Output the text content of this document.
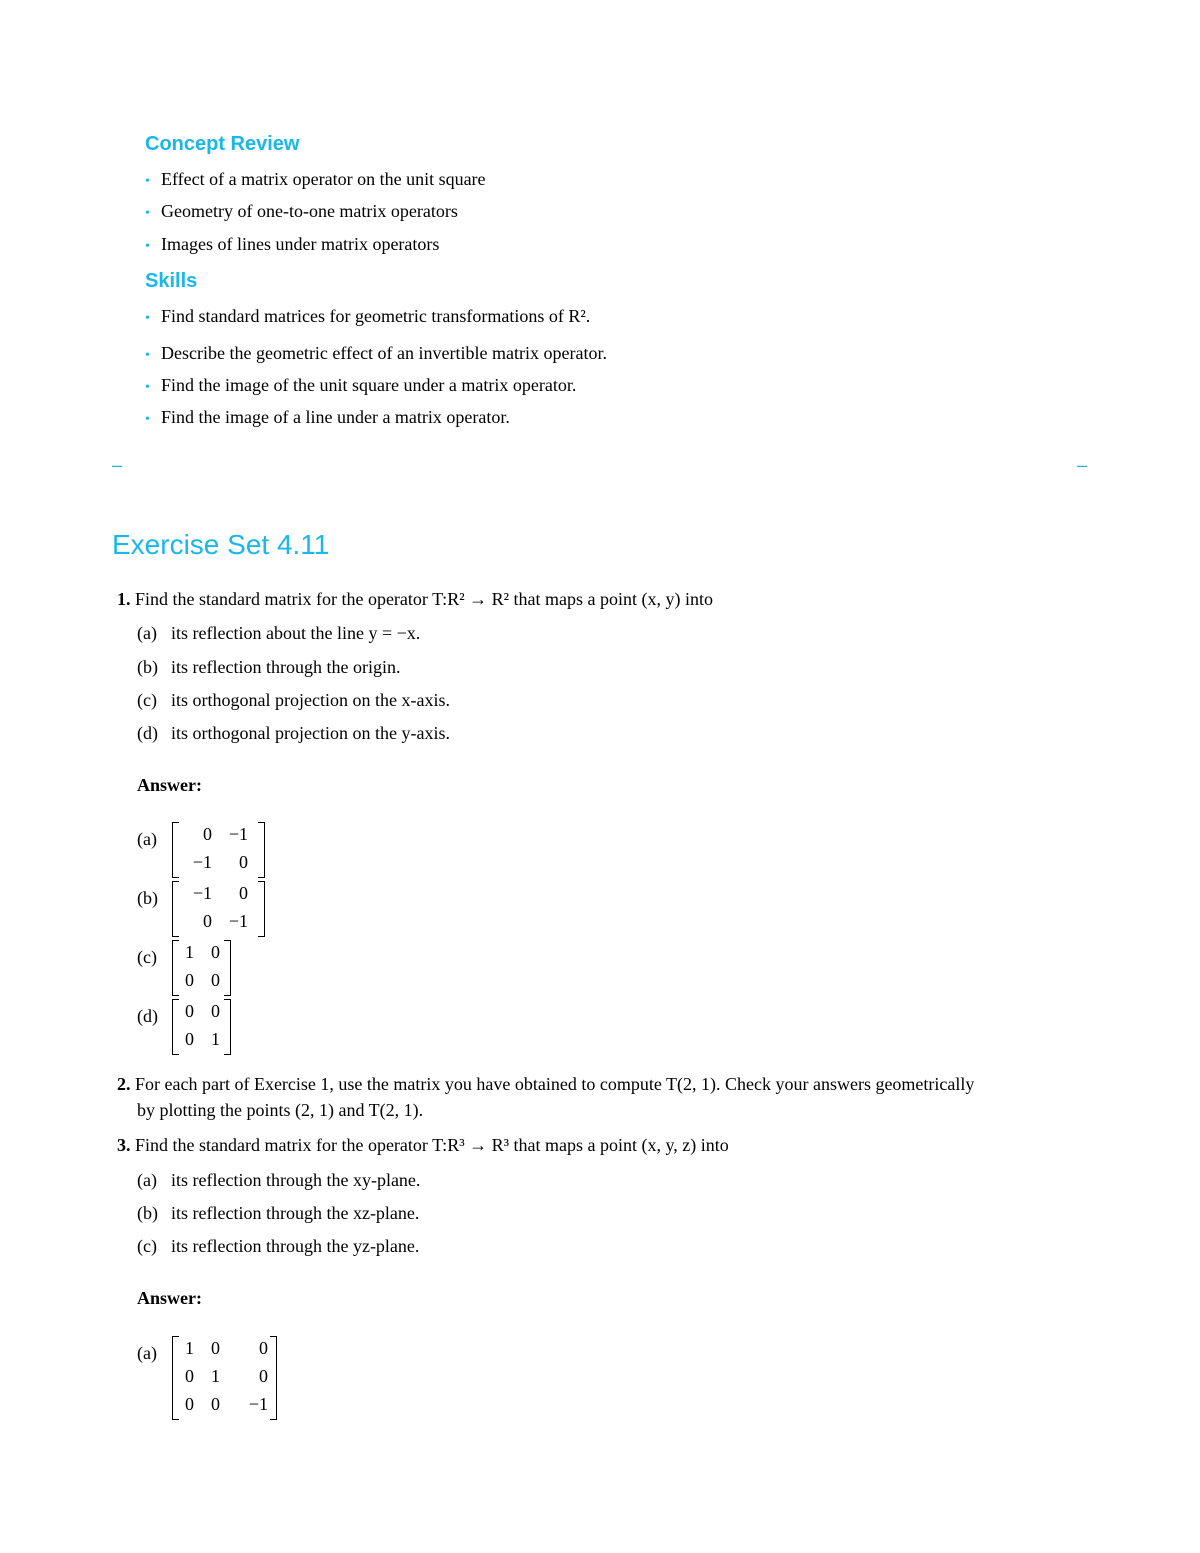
Concept Review
• Effect of a matrix operator on the unit square
• Geometry of one-to-one matrix operators
• Images of lines under matrix operators
Skills
• Find standard matrices for geometric transformations of R².
• Describe the geometric effect of an invertible matrix operator.
• Find the image of the unit square under a matrix operator.
• Find the image of a line under a matrix operator.
–	–
Exercise Set 4.11
1. Find the standard matrix for the operator T:R² → R² that maps a point (x, y) into
(a) its reflection about the line y = −x.
(b) its reflection through the origin.
(c) its orthogonal projection on the x-axis.
(d) its orthogonal projection on the y-axis.
Answer:
(a)	0 −1
−1	0
(b)	−1	0
0 −1
(c) 1 0
0 0
(d) 0 0
0 1
2. For each part of Exercise 1, use the matrix you have obtained to compute T(2, 1). Check your answers geometrically
by plotting the points (2, 1) and T(2, 1).
3. Find the standard matrix for the operator T:R³ → R³ that maps a point (x, y, z) into
(a) its reflection through the xy-plane.
(b) its reflection through the xz-plane.
(c) its reflection through the yz-plane.
Answer:
(a) 1 0	0
0 1	0
0 0	−1
